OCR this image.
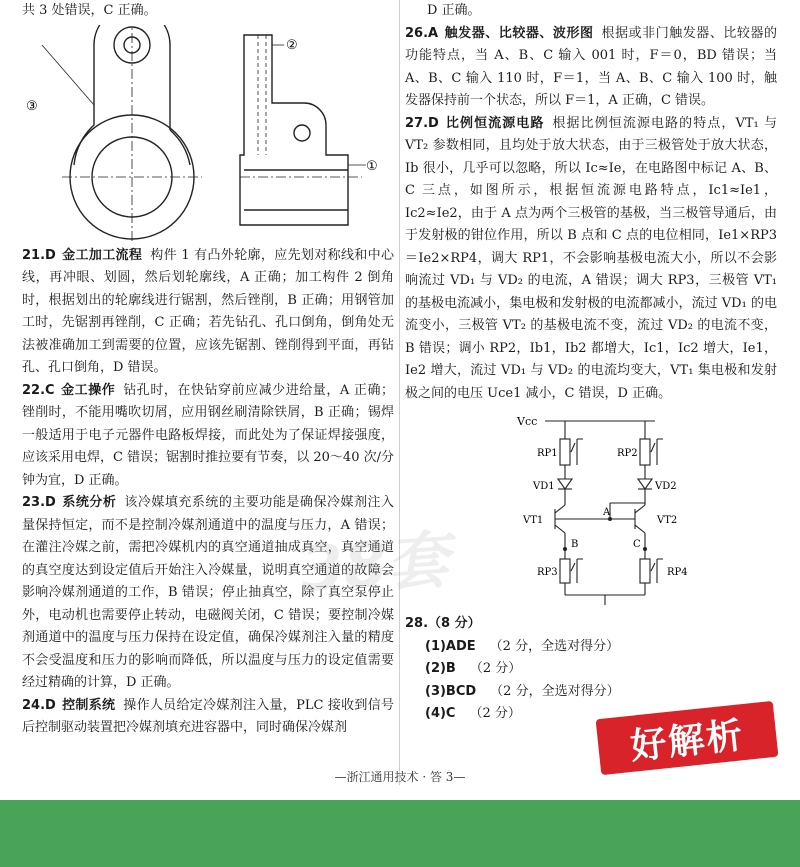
共 3 处错误，C 正确。

②
①
③

21.D 金工加工流程 构件 1 有凸外轮廓，应先划对称线和中心线，再冲眼、划圆，然后划轮廓线，A 正确；加工构件 2 倒角时，根据划出的轮廓线进行锯割，然后锉削，B 正确；用钢管加工时，先锯割再锉削，C 正确；若先钻孔、孔口倒角，倒角处无法被准确加工到需要的位置，应该先锯割、锉削得到平面，再钻孔、孔口倒角，D 错误。

22.C 金工操作 钻孔时，在快钻穿前应减少进给量，A 正确；锉削时，不能用嘴吹切屑，应用钢丝刷清除铁屑，B 正确；锡焊一般适用于电子元器件电路板焊接，而此处为了保证焊接强度，应该采用电焊，C 错误；锯割时推拉要有节奏，以 20～40 次/分钟为宜，D 正确。

23.D 系统分析 该冷媒填充系统的主要功能是确保冷媒剂注入量保持恒定，而不是控制冷媒剂通道中的温度与压力，A 错误；在灌注冷媒之前，需把冷媒机内的真空通道抽成真空，真空通道的真空度达到设定值后开始注入冷媒量，说明真空通道的故障会影响冷媒剂通道的工作，B 错误；停止抽真空，除了真空泵停止外，电动机也需要停止转动，电磁阀关闭，C 错误；要控制冷媒剂通道中的温度与压力保持在设定值，确保冷媒剂注入量的精度不会受温度和压力的影响而降低，所以温度与压力的设定值需要经过精确的计算，D 正确。

24.D 控制系统 操作人员给定冷媒剂注入量，PLC 接收到信号后控制驱动装置把冷媒剂填充进容器中，同时确保冷媒剂

D 正确。

26.A 触发器、比较器、波形图 根据或非门触发器、比较器的功能特点，当 A、B、C 输入 001 时，F＝0，BD 错误；当 A、B、C 输入 110 时，F＝1，当 A、B、C 输入 100 时，触发器保持前一个状态，所以 F＝1，A 正确，C 错误。

27.D 比例恒流源电路 根据比例恒流源电路的特点，VT₁ 与 VT₂ 参数相同，且均处于放大状态，由于三极管处于放大状态，Ib 很小，几乎可以忽略，所以 Ic≈Ie，在电路图中标记 A、B、C 三点，如图所示，根据恒流源电路特点，Ic1≈Ie1，Ic2≈Ie2，由于 A 点为两个三极管的基极，当三极管导通后，由于发射极的钳位作用，所以 B 点和 C 点的电位相同，Ie1×RP3＝Ie2×RP4，调大 RP1，不会影响基极电流大小，所以不会影响流过 VD₁ 与 VD₂ 的电流，A 错误；调大 RP3，三极管 VT₁ 的基极电流减小，集电极和发射极的电流都减小，流过 VD₁ 的电流变小，三极管 VT₂ 的基极电流不变，流过 VD₂ 的电流不变，B 错误；调小 RP2，Ib1，Ib2 都增大，Ic1，Ic2 增大，Ie1，Ie2 增大，流过 VD₁ 与 VD₂ 的电流均变大，VT₁ 集电极和发射极之间的电压 Uce1 减小，C 错误，D 正确。

Vcc
RP1	RP2
VD1	VD2
VT1	VT2
A
B	C
RP3	RP4

28.（8 分）

(1)ADE （2 分，全选对得分）
(2)B （2 分）
(3)BCD （2 分，全选对得分）
(4)C （2 分）
38套
好解析
—浙江通用技术 · 答 3—
